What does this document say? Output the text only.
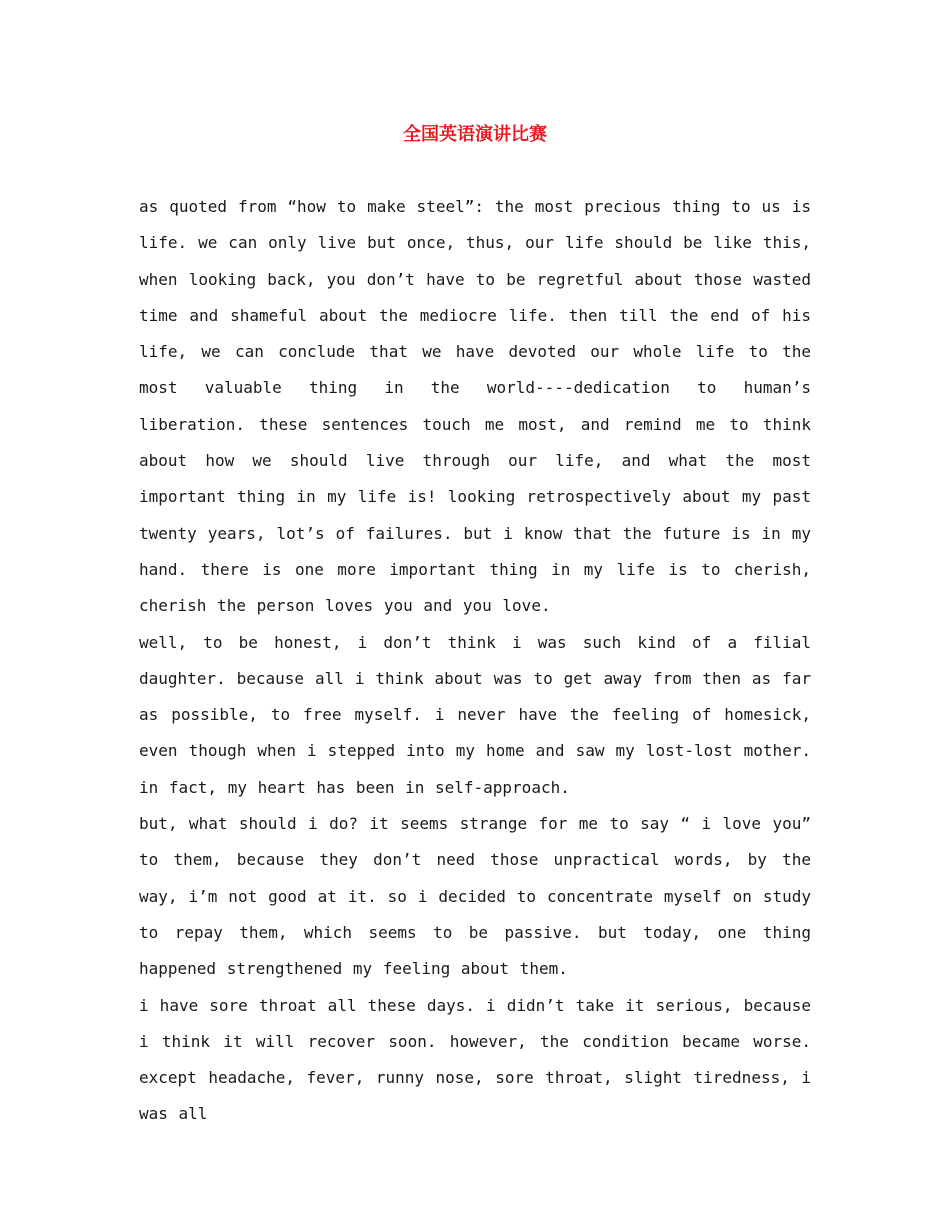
全国英语演讲比赛

as quoted from “how to make steel”: the most precious thing to us is life. we can only live but once, thus, our life should be like this, when looking back, you don’t have to be regretful about those wasted time and shameful about the mediocre life. then till the end of his life, we can conclude that we have devoted our whole life to the most valuable thing in the world----dedication to human’s liberation. these sentences touch me most, and remind me to think about how we should live through our life, and what the most important thing in my life is! looking retrospectively about my past twenty years, lot’s of failures. but i know that the future is in my hand. there is one more important thing in my life is to cherish, cherish the person loves you and you love.

well, to be honest, i don’t think i was such kind of a filial daughter. because all i think about was to get away from then as far as possible, to free myself. i never have the feeling of homesick, even though when i stepped into my home and saw my lost-lost mother. in fact, my heart has been in self-approach.

but, what should i do? it seems strange for me to say “ i love you” to them, because they don’t need those unpractical words, by the way, i’m not good at it. so i decided to concentrate myself on study to repay them, which seems to be passive. but today, one thing happened strengthened my feeling about them.

i have sore throat all these days. i didn’t take it serious, because i think it will recover soon. however, the condition became worse. except headache, fever, runny nose, sore throat, slight tiredness, i was all
